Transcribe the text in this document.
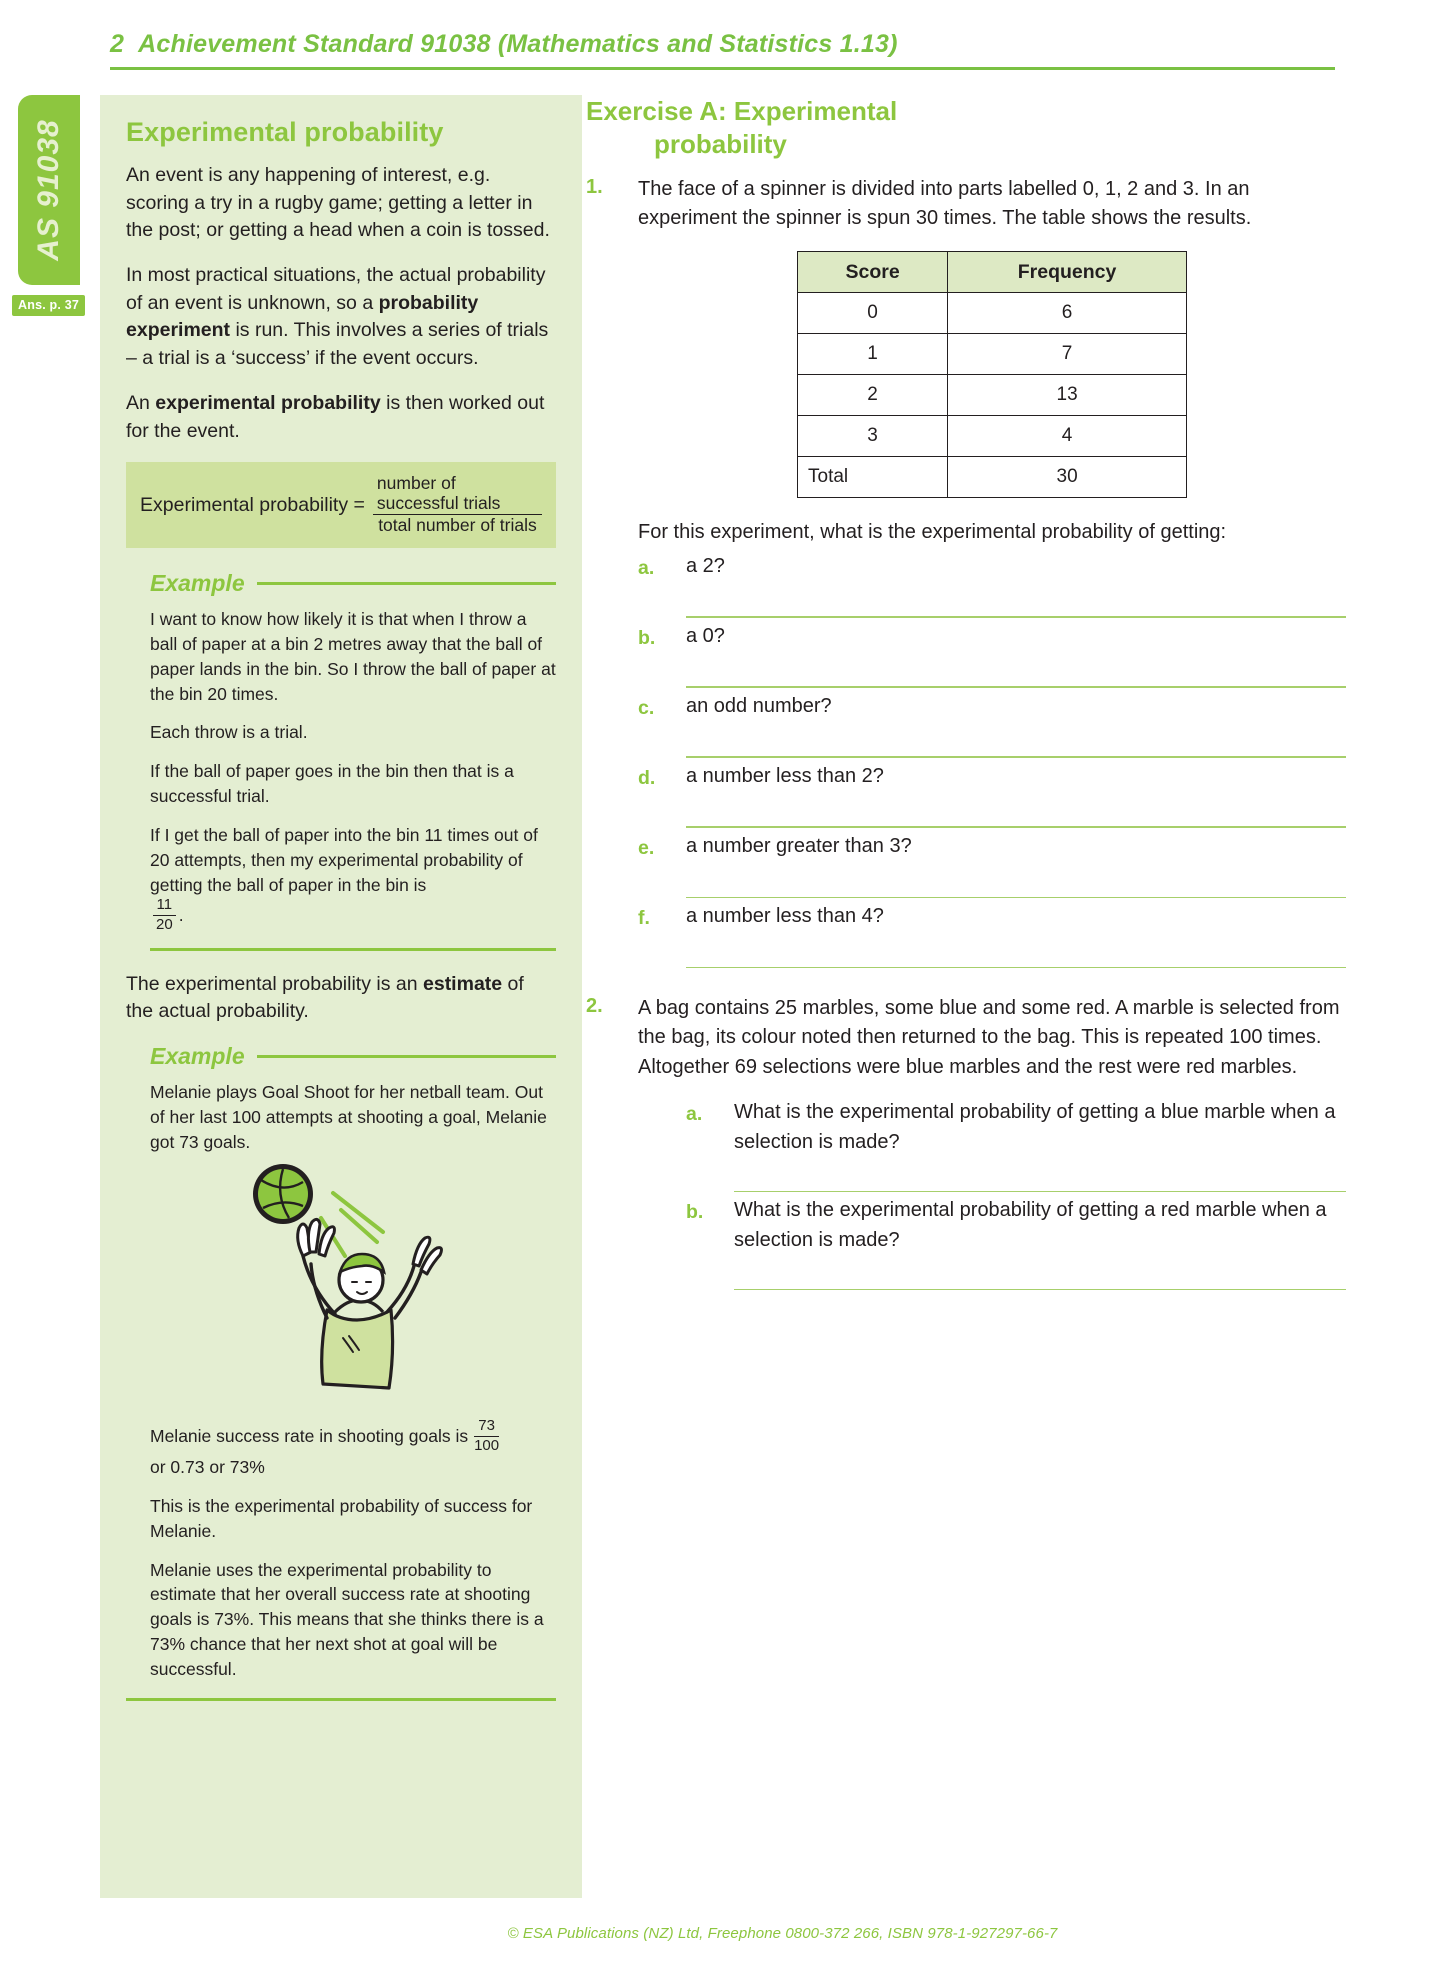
2 Achievement Standard 91038 (Mathematics and Statistics 1.13)
AS 91038
Ans. p. 37
Experimental probability

An event is any happening of interest, e.g. scoring a try in a rugby game; getting a letter in the post; or getting a head when a coin is tossed.

In most practical situations, the actual probability of an event is unknown, so a probability experiment is run. This involves a series of trials – a trial is a ‘success’ if the event occurs.

An experimental probability is then worked out for the event.

Experimental probability = $\frac{\text{number of successful trials}}{\text{total number of trials}}$
Example

I want to know how likely it is that when I throw a ball of paper at a bin 2 metres away that the ball of paper lands in the bin. So I throw the ball of paper at the bin 20 times.

Each throw is a trial.

If the ball of paper goes in the bin then that is a successful trial.

If I get the ball of paper into the bin 11 times out of 20 attempts, then my experimental probability of getting the ball of paper in the bin is
$\frac{11}{20}$ .

The experimental probability is an estimate of the actual probability.

Example

Melanie plays Goal Shoot for her netball team. Out of her last 100 attempts at shooting a goal, Melanie got 73 goals.

Melanie success rate in shooting goals is $\frac{73}{100}$
or 0.73 or 73%

This is the experimental probability of success for Melanie.

Melanie uses the experimental probability to estimate that her overall success rate at shooting goals is 73%. This means that she thinks there is a 73% chance that her next shot at goal will be successful.

Exercise A: Experimental
probability
1.	The face of a spinner is divided into parts labelled 0, 1, 2 and 3. In an experiment the spinner is spun 30 times. The table shows the results.

Score	Frequency
0	6
1	7
2	13
3	4
Total	30

For this experiment, what is the experimental probability of getting:

a.	a 2?
b.	a 0?
c.	an odd number?
d.	a number less than 2?
e.	a number greater than 3?
f.	a number less than 4?
2.	A bag contains 25 marbles, some blue and some red. A marble is selected from the bag, its colour noted then returned to the bag. This is repeated 100 times. Altogether 69 selections were blue marbles and the rest were red marbles.

a.	What is the experimental probability of getting a blue marble when a selection is made?
b.	What is the experimental probability of getting a red marble when a selection is made?
© ESA Publications (NZ) Ltd, Freephone 0800-372 266, ISBN 978-1-927297-66-7
